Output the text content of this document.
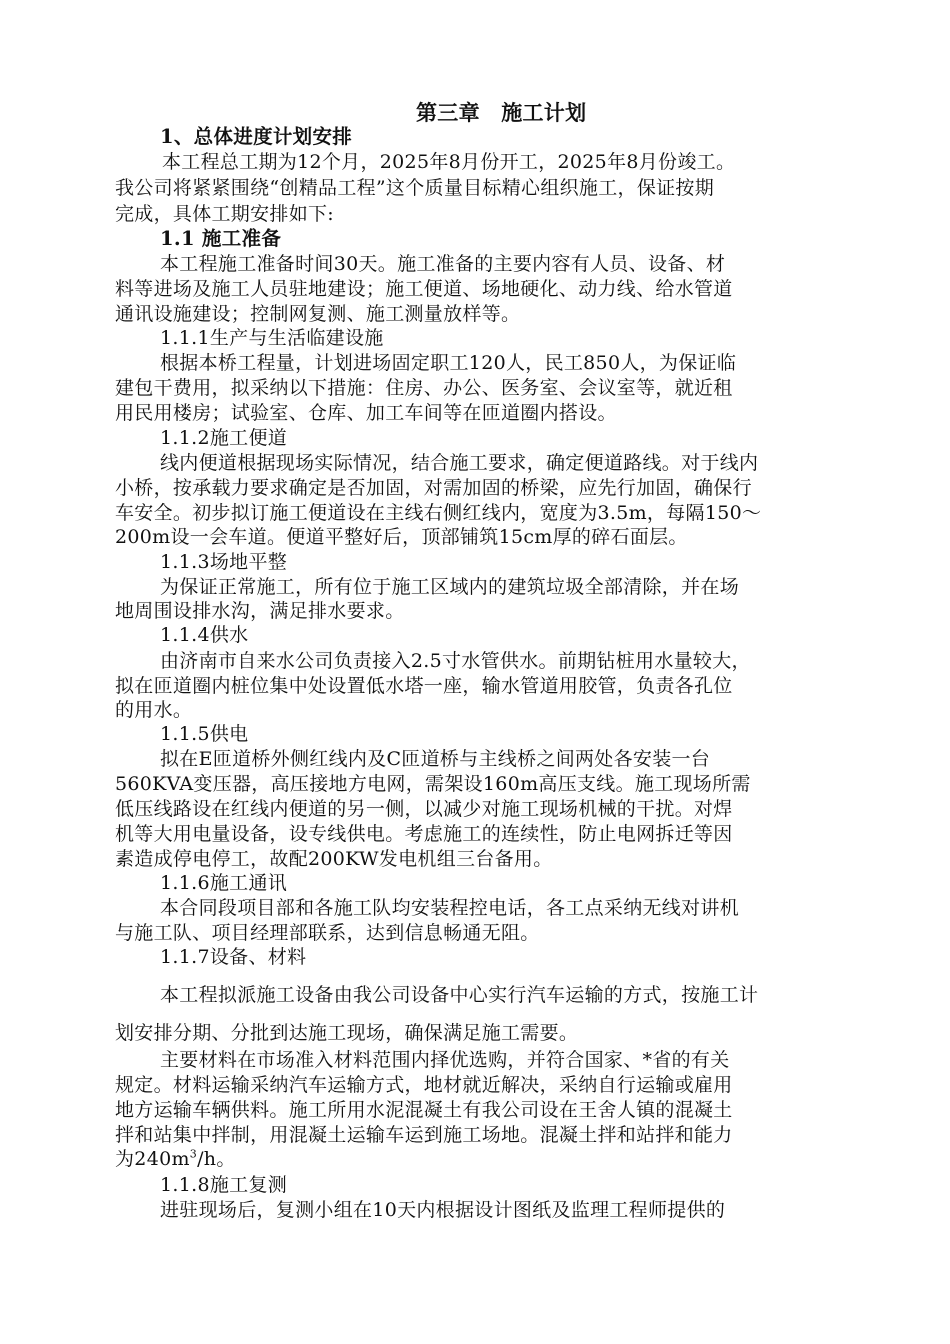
第三章　施工计划
1、总体进度计划安排
本工程总工期为12个月，2025年8月份开工，2025年8月份竣工。
我公司将紧紧围绕“创精品工程”这个质量目标精心组织施工，保证按期
完成，具体工期安排如下:
1.1 施工准备
本工程施工准备时间30天。施工准备的主要内容有人员、设备、材
料等进场及施工人员驻地建设；施工便道、场地硬化、动力线、给水管道
通讯设施建设；控制网复测、施工测量放样等。
1.1.1生产与生活临建设施
根据本桥工程量，计划进场固定职工120人，民工850人，为保证临
建包干费用，拟采纳以下措施：住房、办公、医务室、会议室等，就近租
用民用楼房；试验室、仓库、加工车间等在匝道圈内搭设。
1.1.2施工便道
线内便道根据现场实际情况，结合施工要求，确定便道路线。对于线内
小桥，按承载力要求确定是否加固，对需加固的桥梁，应先行加固，确保行
车安全。初步拟订施工便道设在主线右侧红线内，宽度为3.5m，每隔150～
200m设一会车道。便道平整好后，顶部铺筑15cm厚的碎石面层。
1.1.3场地平整
为保证正常施工，所有位于施工区域内的建筑垃圾全部清除，并在场
地周围设排水沟，满足排水要求。
1.1.4供水
由济南市自来水公司负责接入2.5寸水管供水。前期钻桩用水量较大，
拟在匝道圈内桩位集中处设置低水塔一座，输水管道用胶管，负责各孔位
的用水。
1.1.5供电
拟在E匝道桥外侧红线内及C匝道桥与主线桥之间两处各安装一台
560KVA变压器，高压接地方电网，需架设160m高压支线。施工现场所需
低压线路设在红线内便道的另一侧，以减少对施工现场机械的干扰。对焊
机等大用电量设备，设专线供电。考虑施工的连续性，防止电网拆迁等因
素造成停电停工，故配200KW发电机组三台备用。
1.1.6施工通讯
本合同段项目部和各施工队均安装程控电话，各工点采纳无线对讲机
与施工队、项目经理部联系，达到信息畅通无阻。
1.1.7设备、材料
本工程拟派施工设备由我公司设备中心实行汽车运输的方式，按施工计
划安排分期、分批到达施工现场，确保满足施工需要。
主要材料在市场准入材料范围内择优选购，并符合国家、*省的有关
规定。材料运输采纳汽车运输方式，地材就近解决，采纳自行运输或雇用
地方运输车辆供料。施工所用水泥混凝土有我公司设在王舍人镇的混凝土
拌和站集中拌制，用混凝土运输车运到施工场地。混凝土拌和站拌和能力
为$240m^3/h$。
1.1.8施工复测
进驻现场后，复测小组在10天内根据设计图纸及监理工程师提供的
